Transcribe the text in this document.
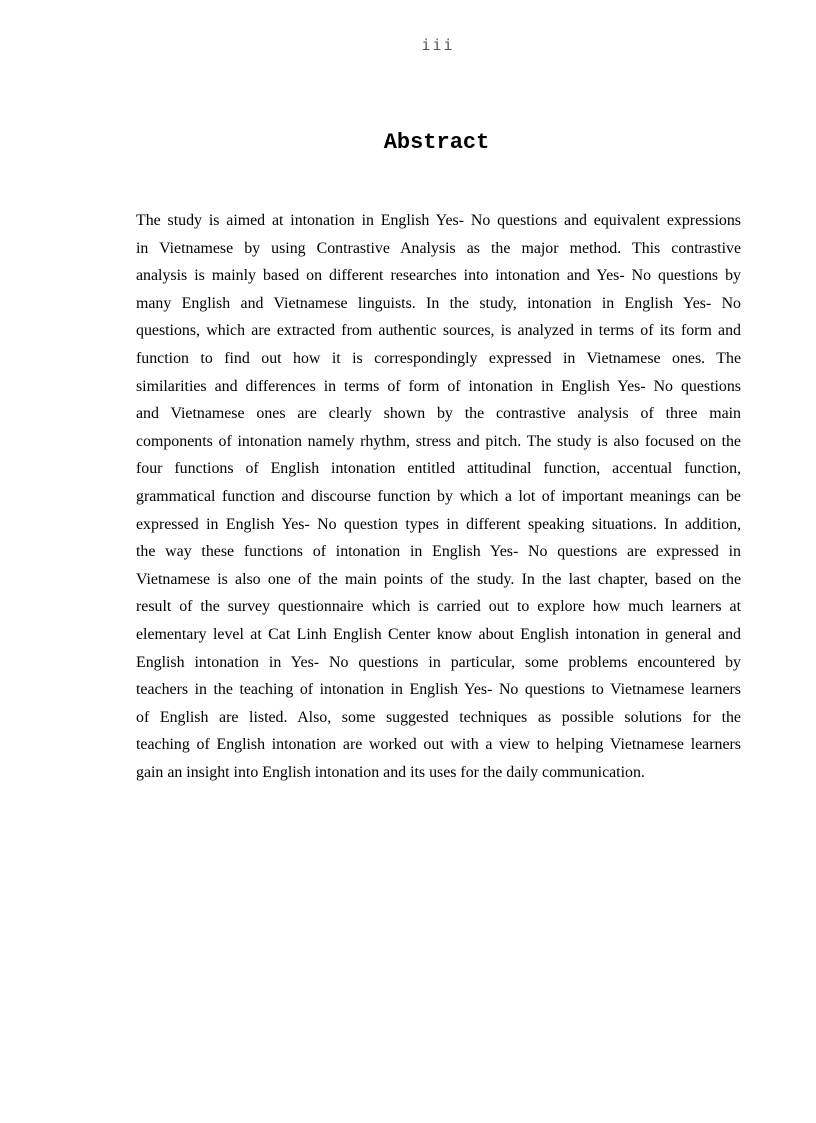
iii
Abstract
The study is aimed at intonation in English Yes- No questions and equivalent expressions
in Vietnamese by using Contrastive Analysis as the major method. This contrastive
analysis is mainly based on different researches into intonation and Yes- No questions by
many English and Vietnamese linguists. In the study, intonation in English Yes- No
questions, which are extracted from authentic sources, is analyzed in terms of its form and
function to find out how it is correspondingly expressed in Vietnamese ones. The
similarities and differences in terms of form of intonation in English Yes- No questions
and Vietnamese ones are clearly shown by the contrastive analysis of three main
components of intonation namely rhythm, stress and pitch. The study is also focused on the
four functions of English intonation entitled attitudinal function, accentual function,
grammatical function and discourse function by which a lot of important meanings can be
expressed in English Yes- No question types in different speaking situations. In addition,
the way these functions of intonation in English Yes- No questions are expressed in
Vietnamese is also one of the main points of the study. In the last chapter, based on the
result of the survey questionnaire which is carried out to explore how much learners at
elementary level at Cat Linh English Center know about English intonation in general and
English intonation in Yes- No questions in particular, some problems encountered by
teachers in the teaching of intonation in English Yes- No questions to Vietnamese learners
of English are listed. Also, some suggested techniques as possible solutions for the
teaching of English intonation are worked out with a view to helping Vietnamese learners
gain an insight into English intonation and its uses for the daily communication.
